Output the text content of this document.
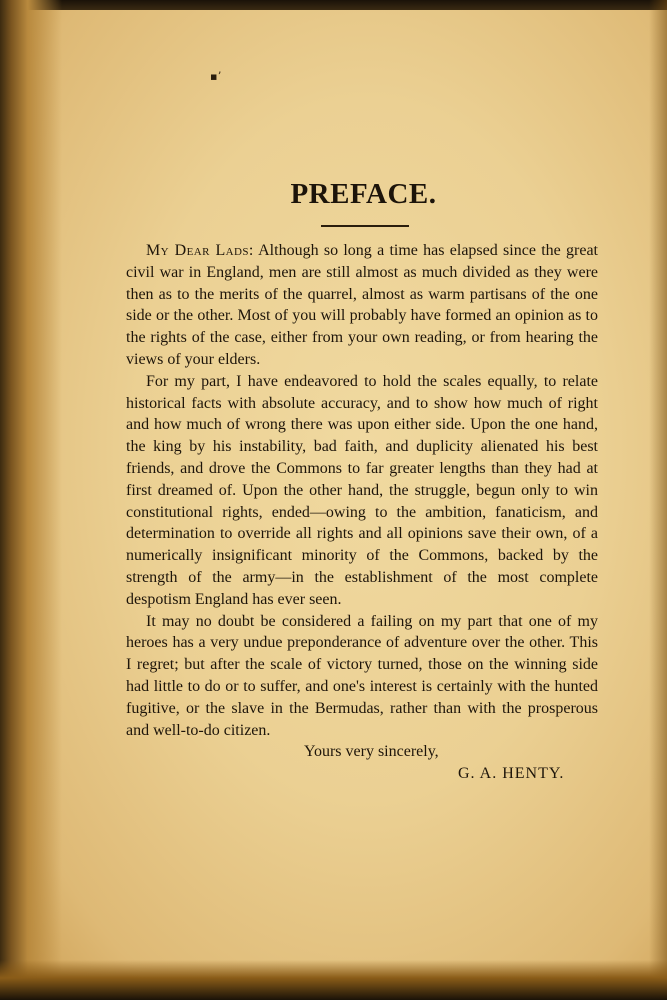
▪ʼ
PREFACE.

My Dear Lads: Although so long a time has elapsed since the great civil war in England, men are still almost as much divided as they were then as to the merits of the quarrel, almost as warm partisans of the one side or the other. Most of you will probably have formed an opinion as to the rights of the case, either from your own reading, or from hearing the views of your elders.

For my part, I have endeavored to hold the scales equally, to relate historical facts with absolute accuracy, and to show how much of right and how much of wrong there was upon either side. Upon the one hand, the king by his instability, bad faith, and duplicity alienated his best friends, and drove the Commons to far greater lengths than they had at first dreamed of. Upon the other hand, the struggle, begun only to win constitutional rights, ended—owing to the ambition, fanaticism, and determination to override all rights and all opinions save their own, of a numerically insignificant minority of the Commons, backed by the strength of the army—in the establishment of the most complete despotism England has ever seen.

It may no doubt be considered a failing on my part that one of my heroes has a very undue preponderance of adventure over the other. This I regret; but after the scale of victory turned, those on the winning side had little to do or to suffer, and one's interest is certainly with the hunted fugitive, or the slave in the Bermudas, rather than with the prosperous and well-to-do citizen.

Yours very sincerely,

G. A. HENTY.
